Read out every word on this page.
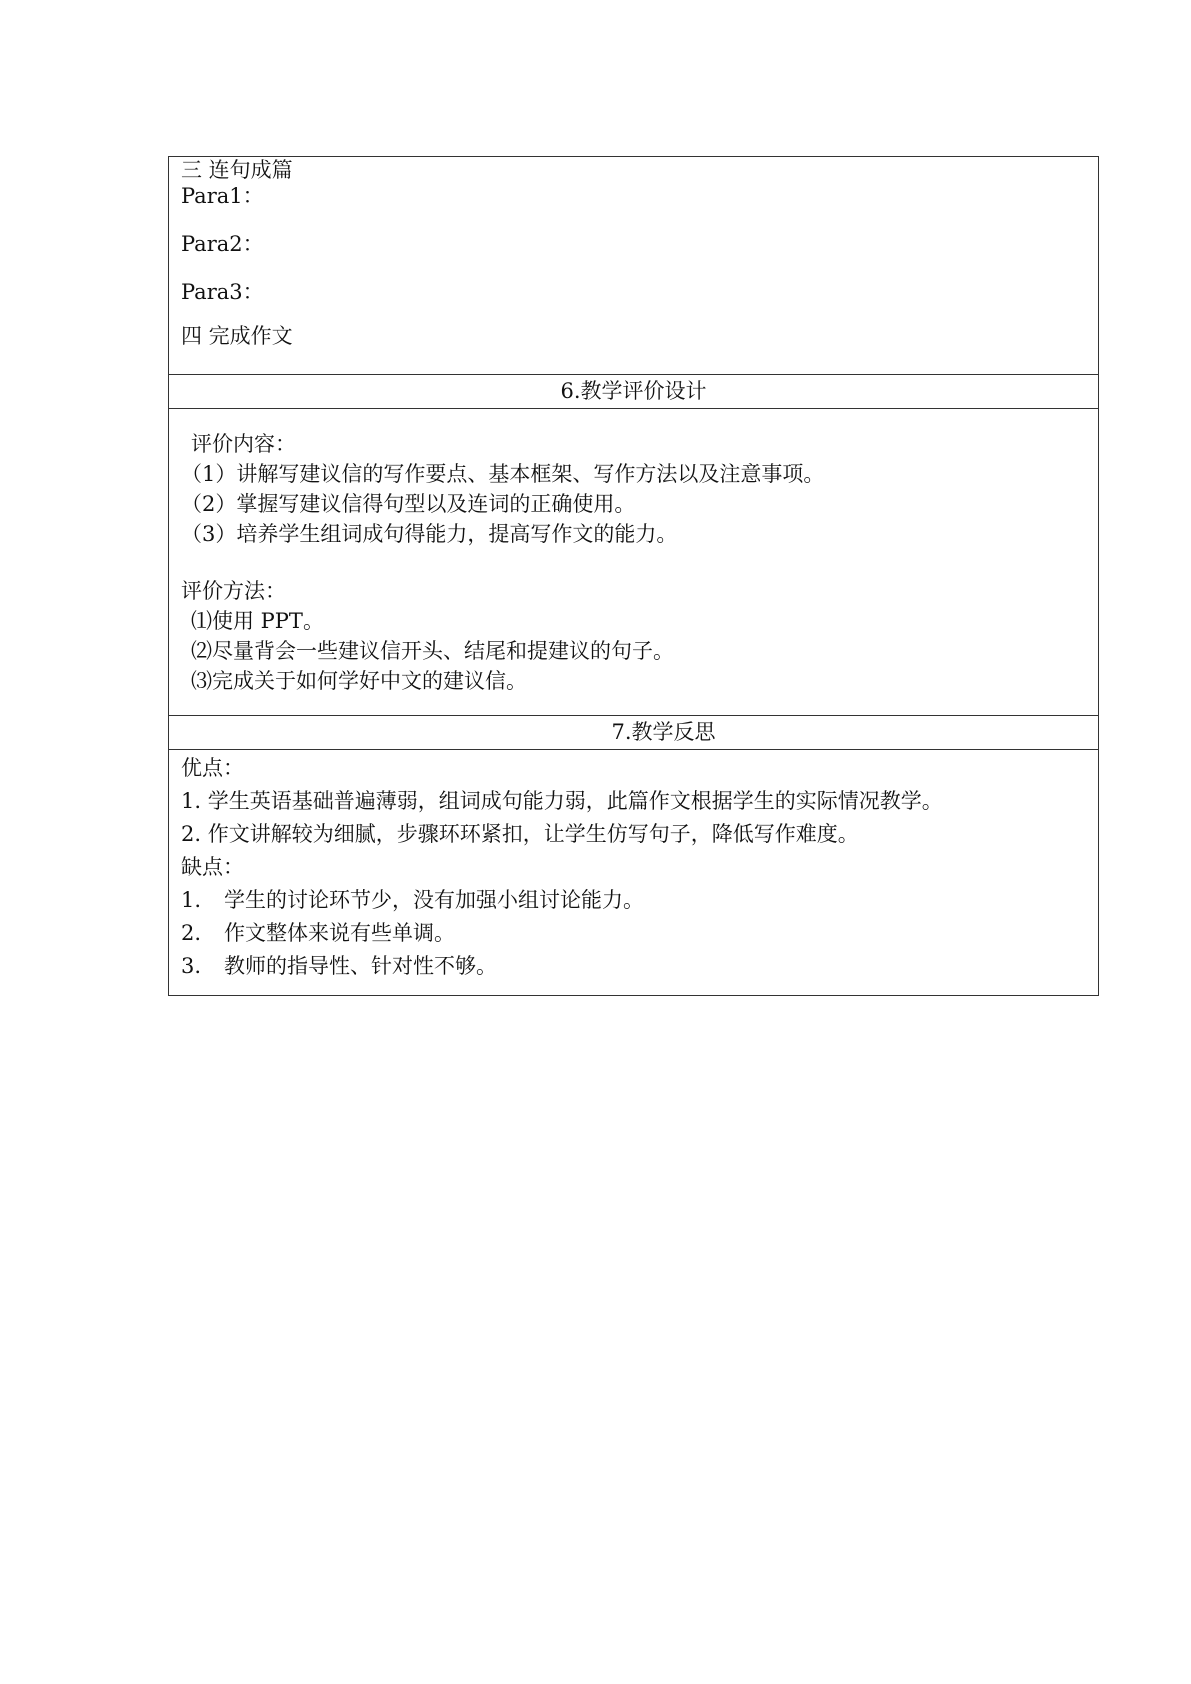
三 连句成篇
Para1：
Para2：
Para3：
四 完成作文
6.教学评价设计
评价内容：
（1）讲解写建议信的写作要点、基本框架、写作方法以及注意事项。
（2）掌握写建议信得句型以及连词的正确使用。
（3）培养学生组词成句得能力，提高写作文的能力。
评价方法：
⑴使用 PPT。
⑵尽量背会一些建议信开头、结尾和提建议的句子。
⑶完成关于如何学好中文的建议信。
7.教学反思
优点：
1. 学生英语基础普遍薄弱，组词成句能力弱，此篇作文根据学生的实际情况教学。
2. 作文讲解较为细腻，步骤环环紧扣，让学生仿写句子，降低写作难度。
缺点：
1. 学生的讨论环节少，没有加强小组讨论能力。
2. 作文整体来说有些单调。
3. 教师的指导性、针对性不够。
